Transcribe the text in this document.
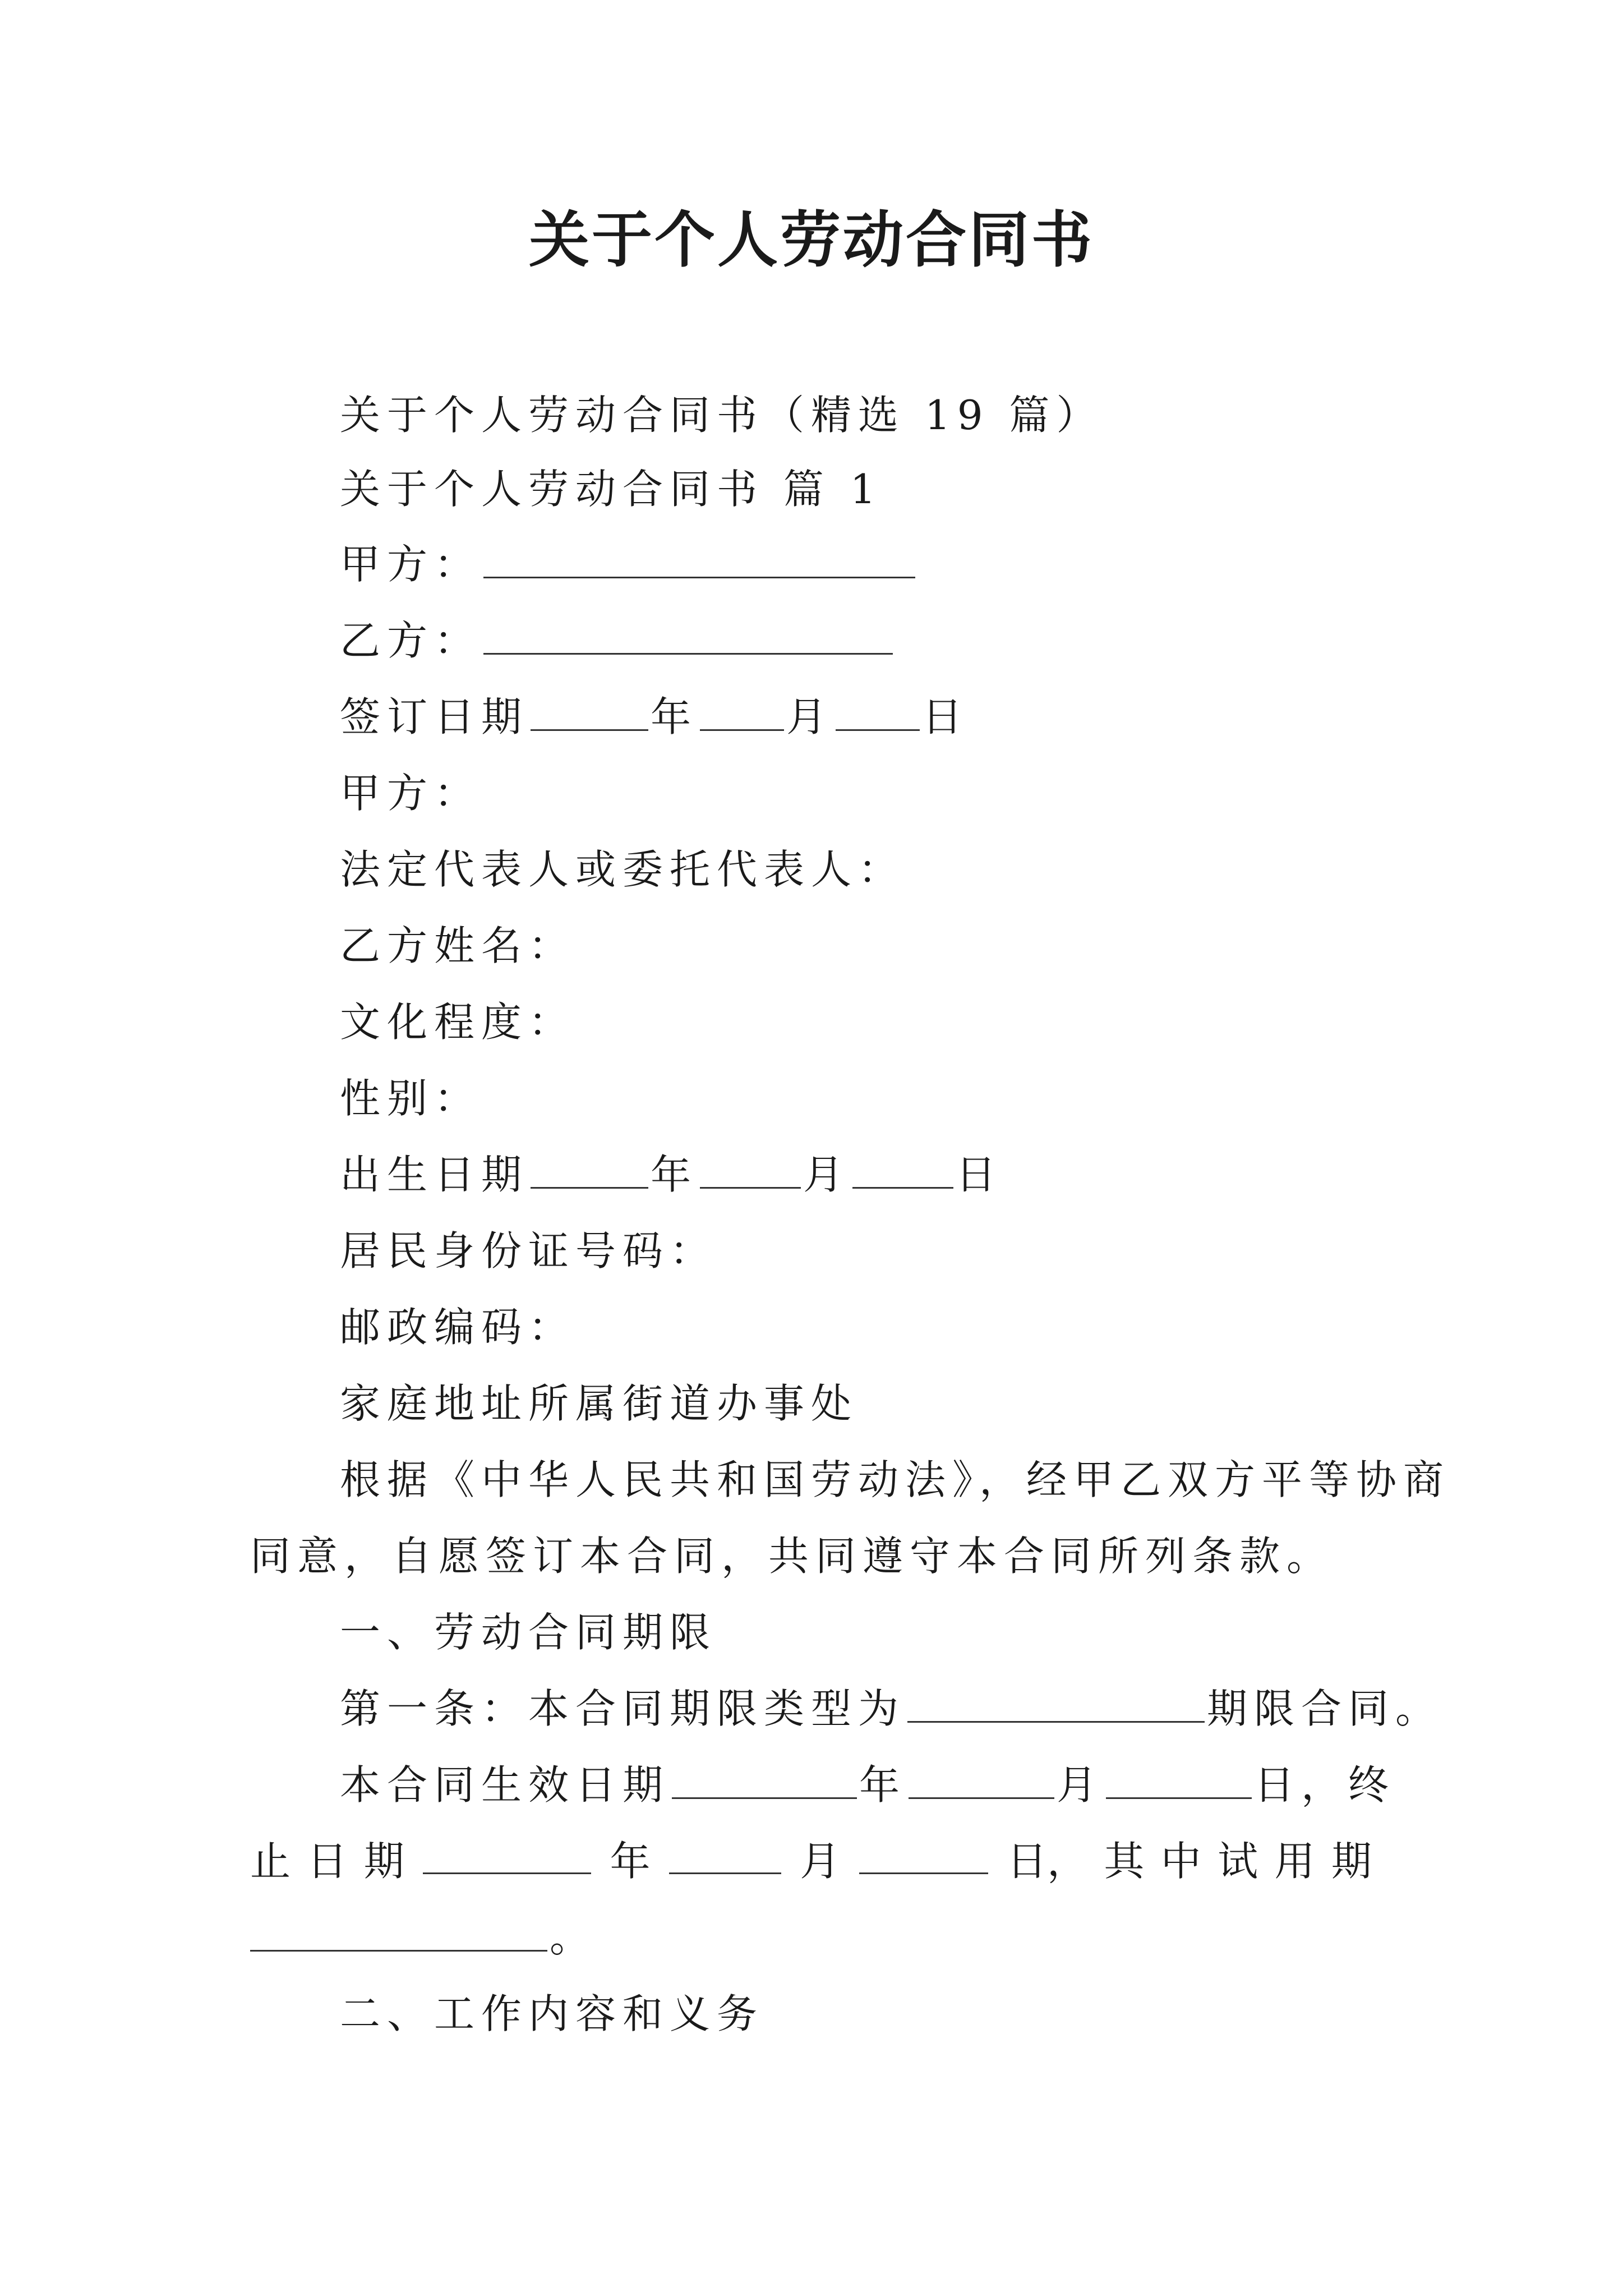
关于个人劳动合同书
关于个人劳动合同书（精选 19 篇）
关于个人劳动合同书 篇 1
甲方：
乙方：
签订日期	年 月 日
甲方：
法定代表人或委托代表人：
乙方姓名：
文化程度：
性别：
出生日期	年	月	日
居民身份证号码：
邮政编码：
家庭地址所属街道办事处
根据《中华人民共和国劳动法》，经甲乙双方平等协商
同意，自愿签订本合同，共同遵守本合同所列条款。
一、劳动合同期限
第一条：本合同期限类型为	期限合同。
本合同生效日期	年	月	日，终
止 日 期	年	月	日， 其 中 试 用 期
。
二、工作内容和义务
